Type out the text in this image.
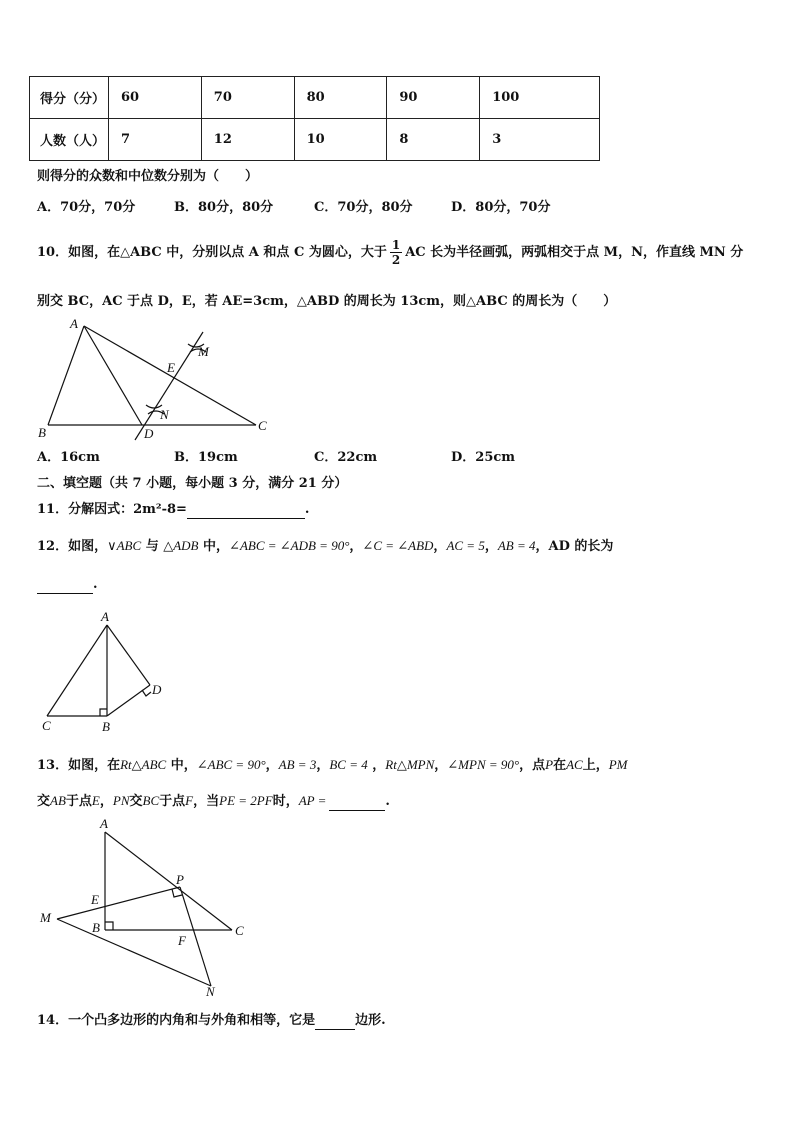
得分（分）	60	70	80	90	100
人数（人）	7	12	10	8	3
则得分的众数和中位数分别为（　　）
A．70分，70分	B．80分，80分	C．70分，80分	D．80分，70分
10．如图，在△ABC 中，分别以点 A 和点 C 为圆心，大于 $\frac{1}{2}$ AC 长为半径画弧，两弧相交于点 M，N，作直线 MN 分
别交 BC，AC 于点 D，E，若 AE=3cm，△ABD 的周长为 13cm，则△ABC 的周长为（　　）
A
B	C
D
E
M
N
A．16cm	B．19cm	C．22cm	D．25cm
二、填空题（共 7 小题，每小题 3 分，满分 21 分）
11．分解因式：2m²-8=	.
12．如图，∨ABC 与 △ADB 中，∠ABC = ∠ADB = 90°，∠C = ∠ABD，AC = 5，AB = 4，AD 的长为
.
A
C	B
D
13．如图，在Rt△ABC 中，∠ABC = 90°，AB = 3，BC = 4 ，Rt△MPN，∠MPN = 90°，点P在AC上，PM
交AB于点E，PN交BC于点F，当PE = 2PF时，AP =	.
A
E
M
B
P
F
C
N
14．一个凸多边形的内角和与外角和相等，它是	边形.
